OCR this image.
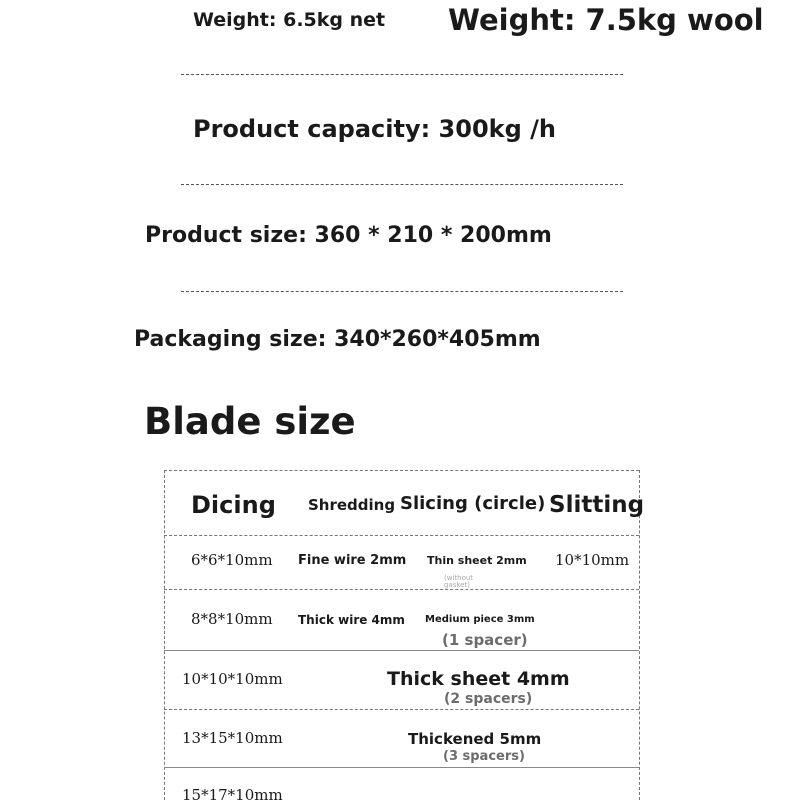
Weight: 6.5kg net Weight: 7.5kg wool
Product capacity: 300kg /h
Product size: 360 * 210 * 200mm
Packaging size: 340*260*405mm
Blade size
Dicing Shredding Slicing (circle) Slitting
6*6*10mm Fine wire 2mm Thin sheet 2mm 10*10mm
(without gasket)
8*8*10mm Thick wire 4mm Medium piece 3mm
(1 spacer)
10*10*10mm	Thick sheet 4mm
(2 spacers)
13*15*10mm	Thickened 5mm
(3 spacers)
15*17*10mm
